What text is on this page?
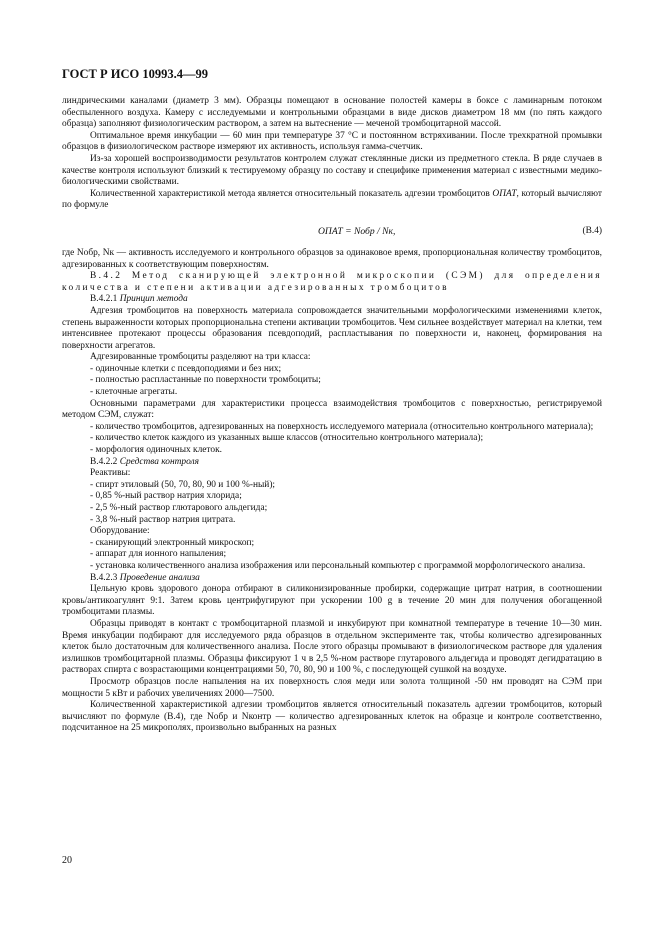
ГОСТ Р ИСО 10993.4—99

линдрическими каналами (диаметр 3 мм). Образцы помещают в основание полостей камеры в боксе с ламинарным потоком обеспыленного воздуха. Камеру с исследуемыми и контрольными образцами в виде дисков диаметром 18 мм (по пять каждого образца) заполняют физиологическим раствором, а затем на вытеснение — меченой тромбоцитарной массой.

Оптимальное время инкубации — 60 мин при температуре 37 °С и постоянном встряхивании. После трехкратной промывки образцов в физиологическом растворе измеряют их активность, используя гамма-счетчик.

Из-за хорошей воспроизводимости результатов контролем служат стеклянные диски из предметного стекла. В ряде случаев в качестве контроля используют близкий к тестируемому образцу по составу и специфике применения материал с известными медико-биологическими свойствами.

Количественной характеристикой метода является относительный показатель адгезии тромбоцитов ОПАТ, который вычисляют по формуле

ОПАТ = Nобр / Nк,	(В.4)

где Nобр, Nк — активность исследуемого и контрольного образцов за одинаковое время, пропорциональная количеству тромбоцитов, адгезированных к соответствующим поверхностям.

В.4.2 Метод сканирующей электронной микроскопии (СЭМ) для определения количества и степени активации адгезированных тромбоцитов

В.4.2.1 Принцип метода

Адгезия тромбоцитов на поверхность материала сопровождается значительными морфологическими изменениями клеток, степень выраженности которых пропорциональна степени активации тромбоцитов. Чем сильнее воздействует материал на клетки, тем интенсивнее протекают процессы образования псевдоподий, распластывания по поверхности и, наконец, формирования на поверхности агрегатов.

Адгезированные тромбоциты разделяют на три класса:

- одиночные клетки с псевдоподиями и без них;

- полностью распластанные по поверхности тромбоциты;

- клеточные агрегаты.

Основными параметрами для характеристики процесса взаимодействия тромбоцитов с поверхностью, регистрируемой методом СЭМ, служат:

- количество тромбоцитов, адгезированных на поверхность исследуемого материала (относительно контрольного материала);

- количество клеток каждого из указанных выше классов (относительно контрольного материала);

- морфология одиночных клеток.

В.4.2.2 Средства контроля

Реактивы:

- спирт этиловый (50, 70, 80, 90 и 100 %-ный);

- 0,85 %-ный раствор натрия хлорида;

- 2,5 %-ный раствор глютарового альдегида;

- 3,8 %-ный раствор натрия цитрата.

Оборудование:

- сканирующий электронный микроскоп;

- аппарат для ионного напыления;

- установка количественного анализа изображения или персональный компьютер с программой морфологического анализа.

В.4.2.3 Проведение анализа

Цельную кровь здорового донора отбирают в силиконизированные пробирки, содержащие цитрат натрия, в соотношении кровь/антикоагулянт 9:1. Затем кровь центрифугируют при ускорении 100 g в течение 20 мин для получения обогащенной тромбоцитами плазмы.

Образцы приводят в контакт с тромбоцитарной плазмой и инкубируют при комнатной температуре в течение 10—30 мин. Время инкубации подбирают для исследуемого ряда образцов в отдельном эксперименте так, чтобы количество адгезированных клеток было достаточным для количественного анализа. После этого образцы промывают в физиологическом растворе для удаления излишков тромбоцитарной плазмы. Образцы фиксируют 1 ч в 2,5 %-ном растворе глутарового альдегида и проводят дегидратацию в растворах спирта с возрастающими концентрациями 50, 70, 80, 90 и 100 %, с последующей сушкой на воздухе.

Просмотр образцов после напыления на их поверхность слоя меди или золота толщиной -50 нм проводят на СЭМ при мощности 5 кВт и рабочих увеличениях 2000—7500.

Количественной характеристикой адгезии тромбоцитов является относительный показатель адгезии тромбоцитов, который вычисляют по формуле (В.4), где Nобр и Nконтр — количество адгезированных клеток на образце и контроле соответственно, подсчитанное на 25 микрополях, произвольно выбранных на разных

20
